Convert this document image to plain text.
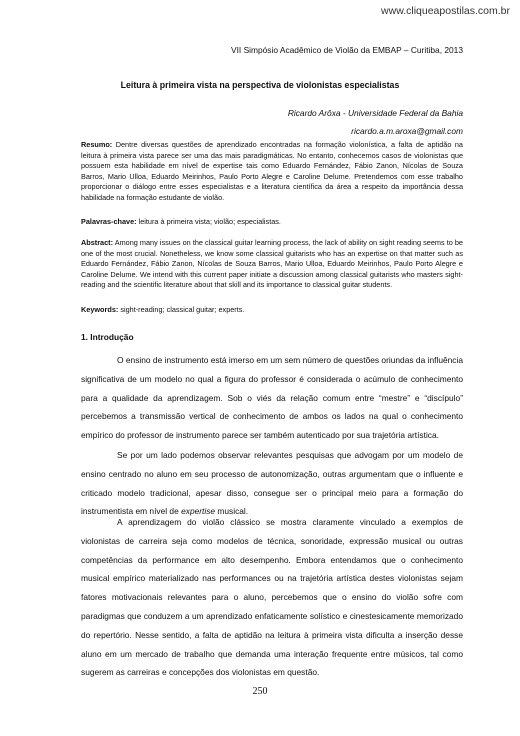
www.cliqueapostilas.com.br
VII Simpósio Acadêmico de Violão da EMBAP – Curitiba, 2013
Leitura à primeira vista na perspectiva de violonistas especialistas
Ricardo Arôxa - Universidade Federal da Bahia
ricardo.a.m.aroxa@gmail.com
Resumo: Dentre diversas questões de aprendizado encontradas na formação violonística, a falta de aptidão na leitura à primeira vista parece ser uma das mais paradigmáticas. No entanto, conhecemos casos de violonistas que possuem esta habilidade em nível de expertise tais como Eduardo Fernández, Fábio Zanon, Nícolas de Souza Barros, Mario Ulloa, Eduardo Meirinhos, Paulo Porto Alegre e Caroline Delume. Pretendemos com esse trabalho proporcionar o diálogo entre esses especialistas e a literatura científica da área a respeito da importância dessa habilidade na formação estudante de violão.
Palavras-chave: leitura à primeira vista; violão; especialistas.
Abstract: Among many issues on the classical guitar learning process, the lack of ability on sight reading seems to be one of the most crucial. Nonetheless, we know some classical guitarists who has an expertise on that matter such as Eduardo Fernández, Fábio Zanon, Nícolas de Souza Barros, Mario Ulloa, Eduardo Meirinhos, Paulo Porto Alegre e Caroline Delume. We intend with this current paper initiate a discussion among classical guitarists who masters sight-reading and the scientific literature about that skill and its importance to classical guitar students.
Keywords: sight-reading; classical guitar; experts.
1. Introdução
O ensino de instrumento está imerso em um sem número de questões oriundas da influência significativa de um modelo no qual a figura do professor é considerada o acúmulo de conhecimento para a qualidade da aprendizagem. Sob o viés da relação comum entre “mestre” e “discípulo” percebemos a transmissão vertical de conhecimento de ambos os lados na qual o conhecimento empírico do professor de instrumento parece ser também autenticado por sua trajetória artística.
Se por um lado podemos observar relevantes pesquisas que advogam por um modelo de ensino centrado no aluno em seu processo de autonomização, outras argumentam que o influente e criticado modelo tradicional, apesar disso, consegue ser o principal meio para a formação do instrumentista em nível de expertise musical.
A aprendizagem do violão clássico se mostra claramente vinculado a exemplos de violonistas de carreira seja como modelos de técnica, sonoridade, expressão musical ou outras competências da performance em alto desempenho. Embora entendamos que o conhecimento musical empírico materializado nas performances ou na trajetória artística destes violonistas sejam fatores motivacionais relevantes para o aluno, percebemos que o ensino do violão sofre com paradigmas que conduzem a um aprendizado enfaticamente solístico e cinestesicamente memorizado do repertório. Nesse sentido, a falta de aptidão na leitura à primeira vista dificulta a inserção desse aluno em um mercado de trabalho que demanda uma interação frequente entre músicos, tal como sugerem as carreiras e concepções dos violonistas em questão.
250
